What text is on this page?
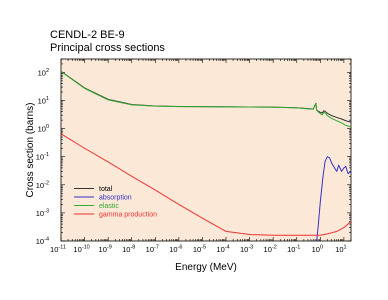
CENDL-2 BE-9
Principal cross sections
$10^{-11}$ $10^{-10}$ $10^{-9}$ $10^{-8}$ $10^{-7}$ $10^{-6}$ $10^{-5}$ $10^{-4}$ $10^{-3}$ $10^{-2}$ $10^{-1}$ $10^0$ $10^1$
$10^{-4}$
$10^{-3}$
$10^{-2}$
$10^{-1}$
$10^0$
$10^1$
$10^2$
Energy (MeV)
Cross section (barns)	total
absorption
elastic
gamma production
